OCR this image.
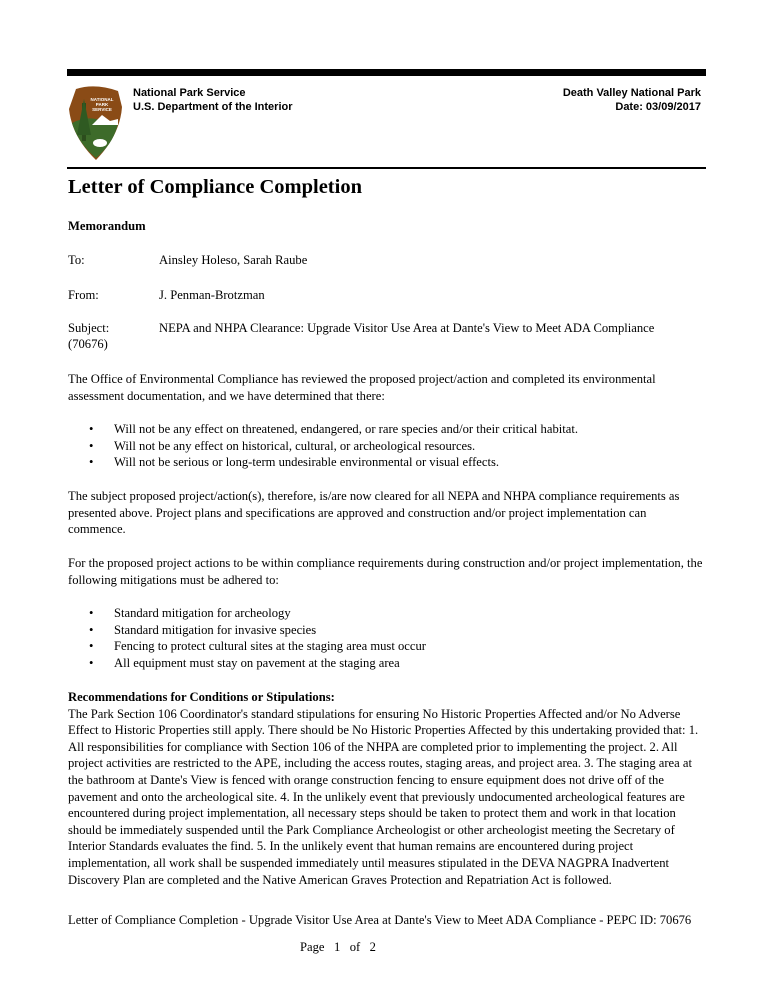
NATIONAL
PARK
SERVICE
National Park Service
U.S. Department of the Interior
Death Valley National Park
Date: 03/09/2017
Letter of Compliance Completion
Memorandum
To:	Ainsley Holeso, Sarah Raube
From:	J. Penman-Brotzman
Subject:	NEPA and NHPA Clearance: Upgrade Visitor Use Area at Dante's View to Meet ADA Compliance
(70676)
The Office of Environmental Compliance has reviewed the proposed project/action and completed its environmental
assessment documentation, and we have determined that there:
• Will not be any effect on threatened, endangered, or rare species and/or their critical habitat.
• Will not be any effect on historical, cultural, or archeological resources.
• Will not be serious or long-term undesirable environmental or visual effects.
The subject proposed project/action(s), therefore, is/are now cleared for all NEPA and NHPA compliance requirements as
presented above. Project plans and specifications are approved and construction and/or project implementation can
commence.
For the proposed project actions to be within compliance requirements during construction and/or project implementation, the
following mitigations must be adhered to:
• Standard mitigation for archeology
• Standard mitigation for invasive species
• Fencing to protect cultural sites at the staging area must occur
• All equipment must stay on pavement at the staging area
Recommendations for Conditions or Stipulations:
The Park Section 106 Coordinator's standard stipulations for ensuring No Historic Properties Affected and/or No Adverse
Effect to Historic Properties still apply. There should be No Historic Properties Affected by this undertaking provided that: 1.
All responsibilities for compliance with Section 106 of the NHPA are completed prior to implementing the project. 2. All
project activities are restricted to the APE, including the access routes, staging areas, and project area. 3. The staging area at
the bathroom at Dante's View is fenced with orange construction fencing to ensure equipment does not drive off of the
pavement and onto the archeological site. 4. In the unlikely event that previously undocumented archeological features are
encountered during project implementation, all necessary steps should be taken to protect them and work in that location
should be immediately suspended until the Park Compliance Archeologist or other archeologist meeting the Secretary of
Interior Standards evaluates the find. 5. In the unlikely event that human remains are encountered during project
implementation, all work shall be suspended immediately until measures stipulated in the DEVA NAGPRA Inadvertent
Discovery Plan are completed and the Native American Graves Protection and Repatriation Act is followed.
Letter of Compliance Completion - Upgrade Visitor Use Area at Dante's View to Meet ADA Compliance - PEPC ID: 70676
Page 1 of 2
